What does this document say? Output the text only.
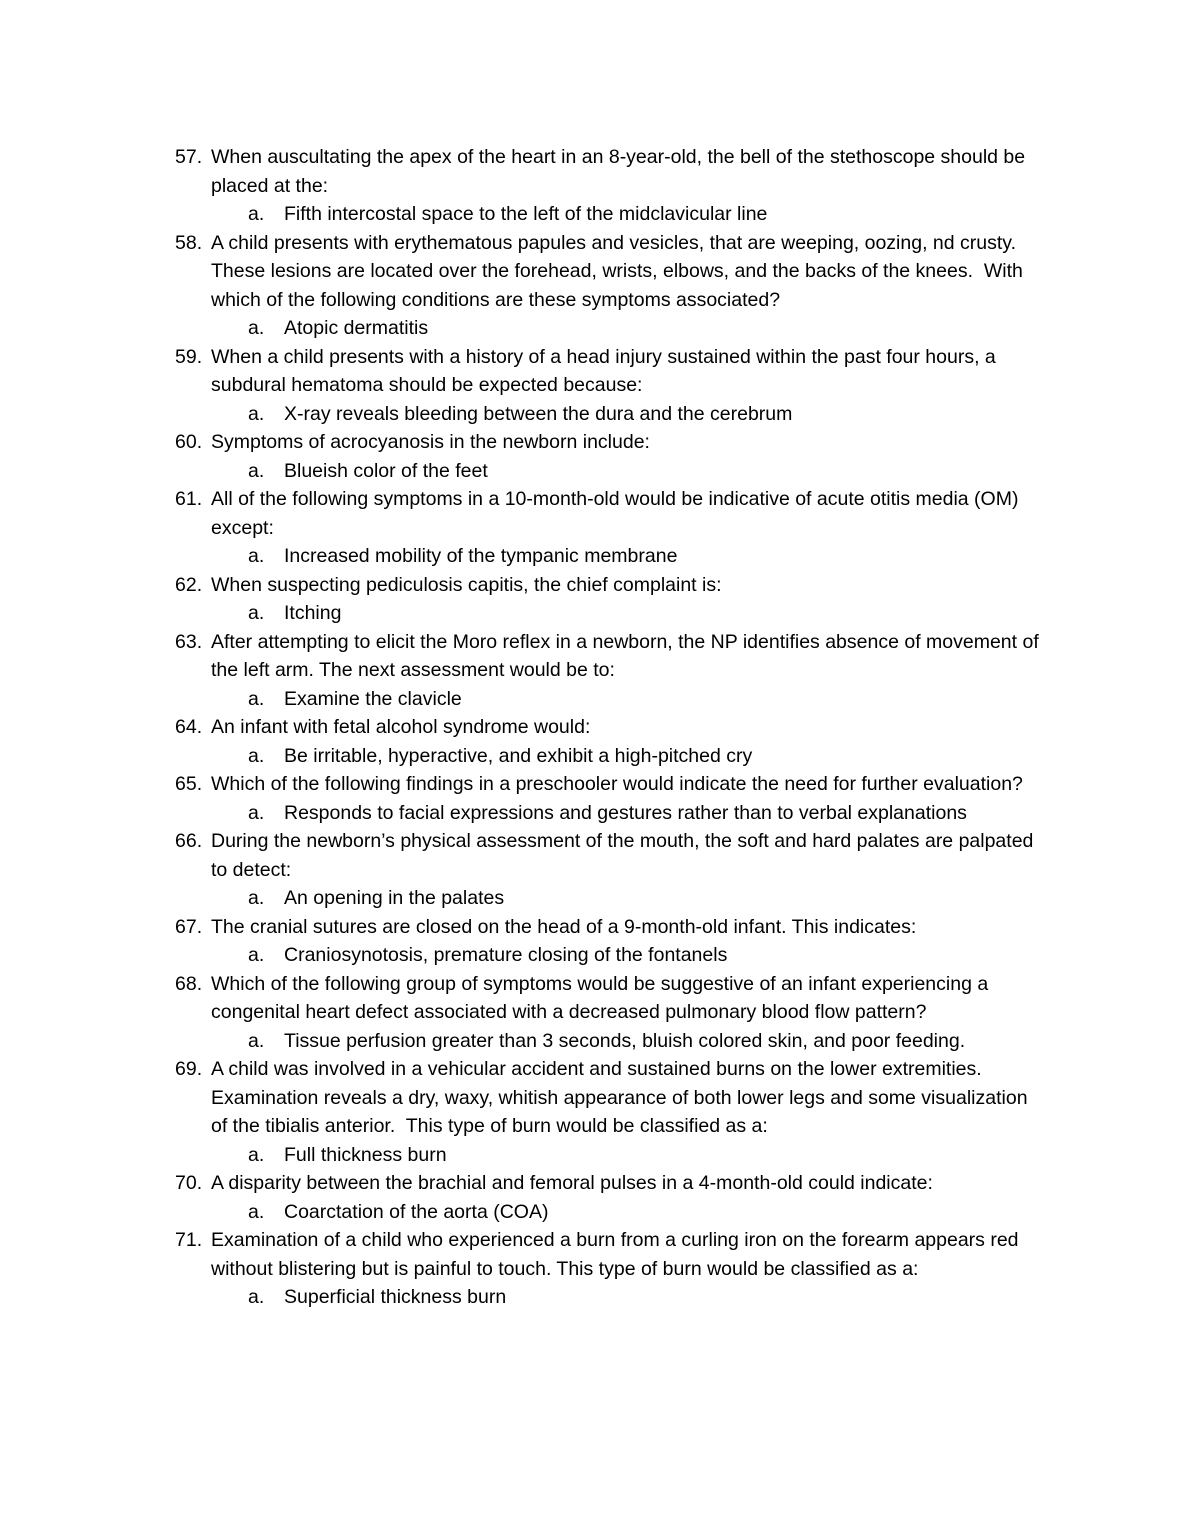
57. When auscultating the apex of the heart in an 8-year-old, the bell of the stethoscope should be placed at the:
a.	Fifth intercostal space to the left of the midclavicular line
58. A child presents with erythematous papules and vesicles, that are weeping, oozing, nd crusty. These lesions are located over the forehead, wrists, elbows, and the backs of the knees.  With which of the following conditions are these symptoms associated?
a.	Atopic dermatitis
59. When a child presents with a history of a head injury sustained within the past four hours, a subdural hematoma should be expected because:
a.	X-ray reveals bleeding between the dura and the cerebrum
60. Symptoms of acrocyanosis in the newborn include:
a.	Blueish color of the feet
61. All of the following symptoms in a 10-month-old would be indicative of acute otitis media (OM) except:
a.	Increased mobility of the tympanic membrane
62. When suspecting pediculosis capitis, the chief complaint is:
a.	Itching
63. After attempting to elicit the Moro reflex in a newborn, the NP identifies absence of movement of the left arm. The next assessment would be to:
a.	Examine the clavicle
64. An infant with fetal alcohol syndrome would:
a.	Be irritable, hyperactive, and exhibit a high-pitched cry
65. Which of the following findings in a preschooler would indicate the need for further evaluation?
a.	Responds to facial expressions and gestures rather than to verbal explanations
66. During the newborn’s physical assessment of the mouth, the soft and hard palates are palpated to detect:
a.	An opening in the palates
67. The cranial sutures are closed on the head of a 9-month-old infant. This indicates:
a.	Craniosynotosis, premature closing of the fontanels
68. Which of the following group of symptoms would be suggestive of an infant experiencing a congenital heart defect associated with a decreased pulmonary blood flow pattern?
a.	Tissue perfusion greater than 3 seconds, bluish colored skin, and poor feeding.
69. A child was involved in a vehicular accident and sustained burns on the lower extremities. Examination reveals a dry, waxy, whitish appearance of both lower legs and some visualization of the tibialis anterior.  This type of burn would be classified as a:
a.	Full thickness burn
70. A disparity between the brachial and femoral pulses in a 4-month-old could indicate:
a.	Coarctation of the aorta (COA)
71. Examination of a child who experienced a burn from a curling iron on the forearm appears red without blistering but is painful to touch. This type of burn would be classified as a:
a.	Superficial thickness burn
